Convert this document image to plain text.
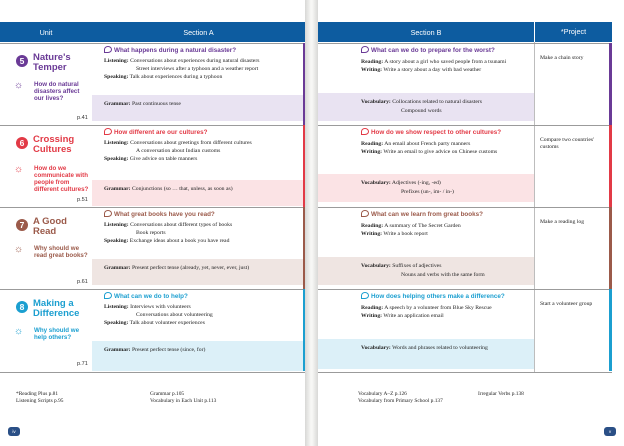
Unit	Section A
5 Nature's Temper
☼ How do natural disasters affect our lives?
p.41
What happens during a natural disaster?
Listening: Conversations about experiences during natural disasters
Street interviews after a typhoon and a weather report
Speaking: Talk about experiences during a typhoon
Grammar: Past continuous tense
6 Crossing Cultures
☼ How do we communicate with people from different cultures?
p.51
How different are our cultures?
Listening: Conversations about greetings from different cultures
A conversation about Indian customs
Speaking: Give advice on table manners
Grammar: Conjunctions (so … that, unless, as soon as)
7 A Good Read
☼ Why should we read great books?
p.61
What great books have you read?
Listening: Conversations about different types of books
Book reports
Speaking: Exchange ideas about a book you have read
Grammar: Present perfect tense (already, yet, never, ever, just)
8 Making a Difference
☼ Why should we help others?
p.71
What can we do to help?
Listening: Interviews with volunteers
Conversations about volunteering
Speaking: Talk about volunteer experiences
Grammar: Present perfect tense (since, for)
*Reading Plus p.81
Listening Scripts p.95
Grammar p.105
Vocabulary in Each Unit p.113
iv
Section B	*Project
What can we do to prepare for the worst?
Reading: A story about a girl who saved people from a tsunami
Writing: Write a story about a day with bad weather
Vocabulary: Collocations related to natural disasters
Compound words
Make a chain story
How do we show respect to other cultures?
Reading: An email about French party manners
Writing: Write an email to give advice on Chinese customs
Vocabulary: Adjectives (-ing, -ed)
Prefixes (un-, im- / in-)
Compare two countries' customs
What can we learn from great books?
Reading: A summary of The Secret Garden
Writing: Write a book report
Vocabulary: Suffixes of adjectives
Nouns and verbs with the same form
Make a reading log
How does helping others make a difference?
Reading: A speech by a volunteer from Blue Sky Rescue
Writing: Write an application email
Vocabulary: Words and phrases related to volunteering
Start a volunteer group
Vocabulary A–Z p.126
Vocabulary from Primary School p.137
Irregular Verbs p.138
v
